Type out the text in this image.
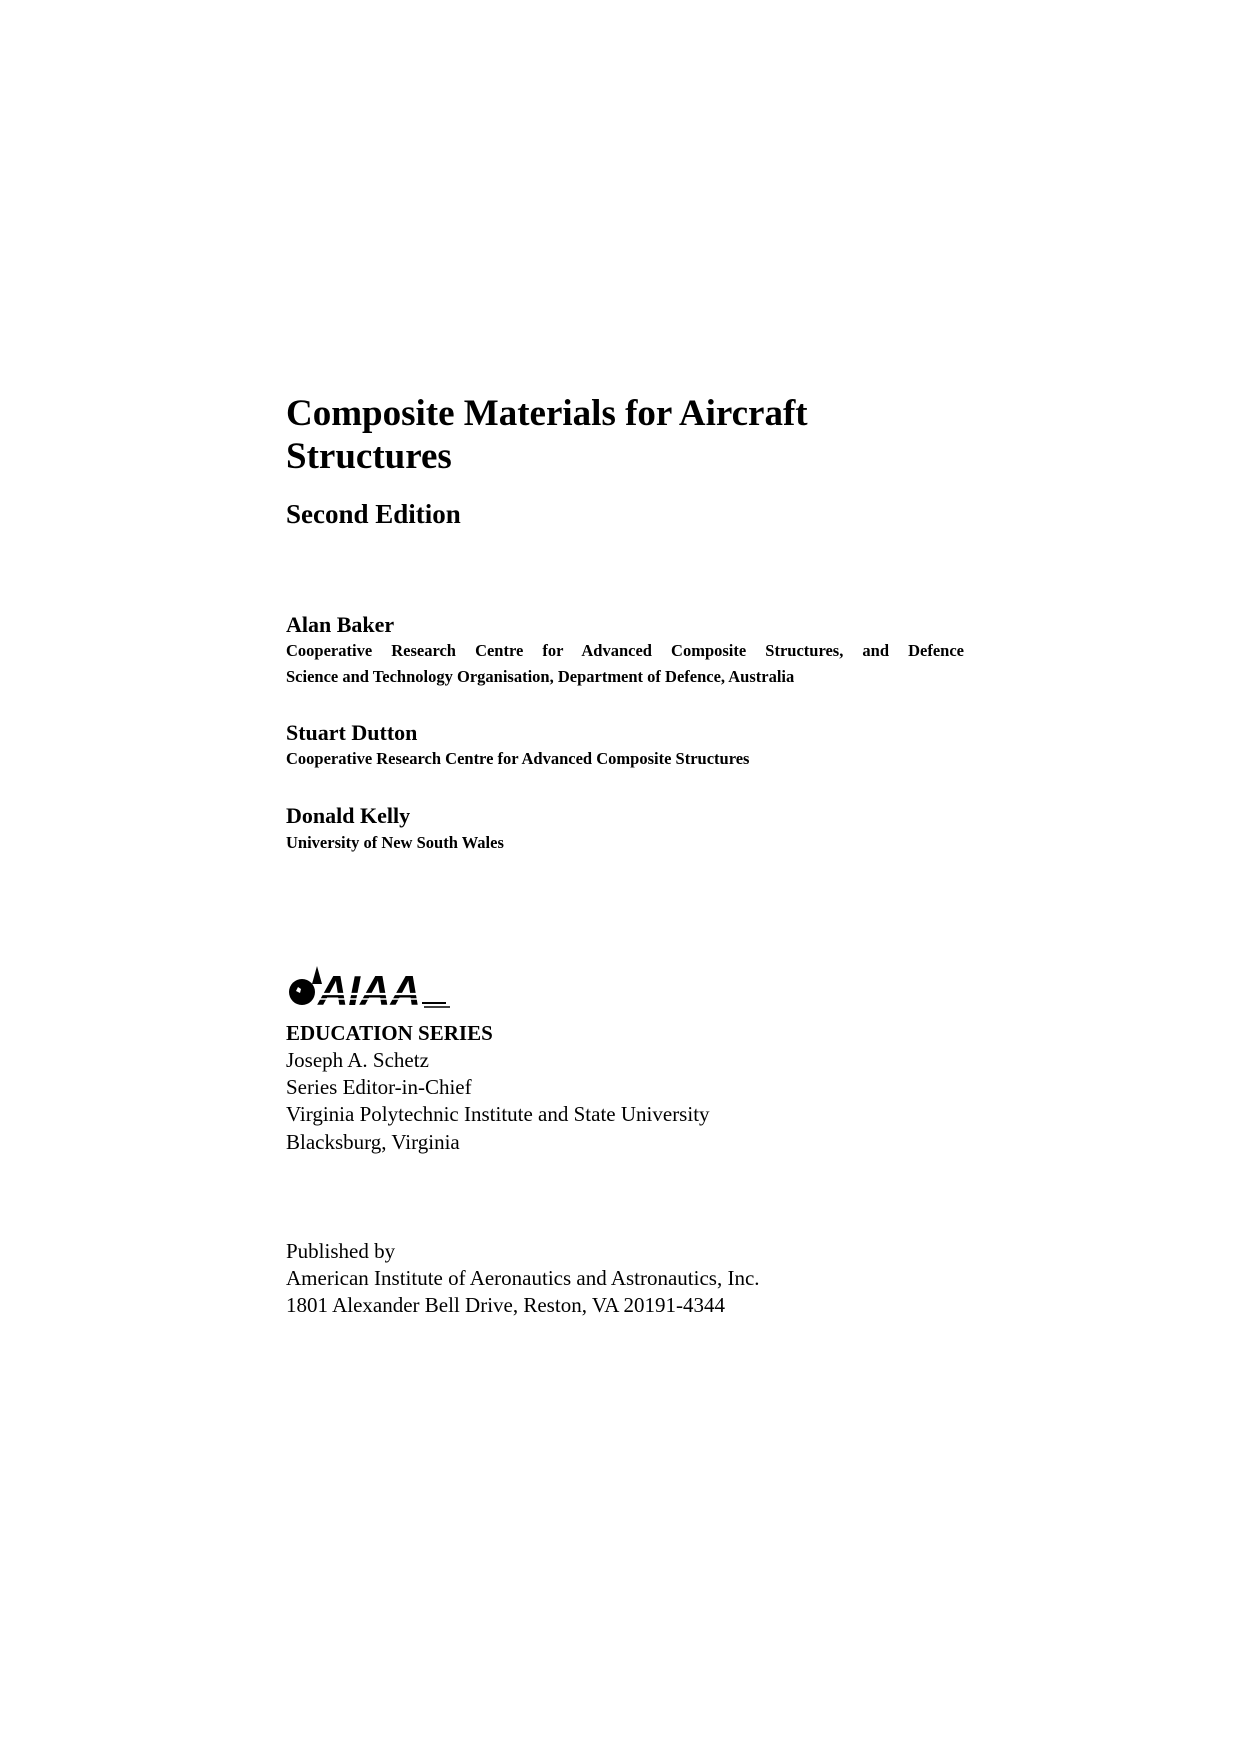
Composite Materials for Aircraft

Structures

Second Edition

Alan Baker

Cooperative Research Centre for Advanced Composite Structures, and Defence

Science and Technology Organisation, Department of Defence, Australia

Stuart Dutton

Cooperative Research Centre for Advanced Composite Structures

Donald Kelly

University of New South Wales

AIAA

EDUCATION SERIES

Joseph A. Schetz

Series Editor-in-Chief

Virginia Polytechnic Institute and State University

Blacksburg, Virginia

Published by

American Institute of Aeronautics and Astronautics, Inc.

1801 Alexander Bell Drive, Reston, VA 20191-4344
